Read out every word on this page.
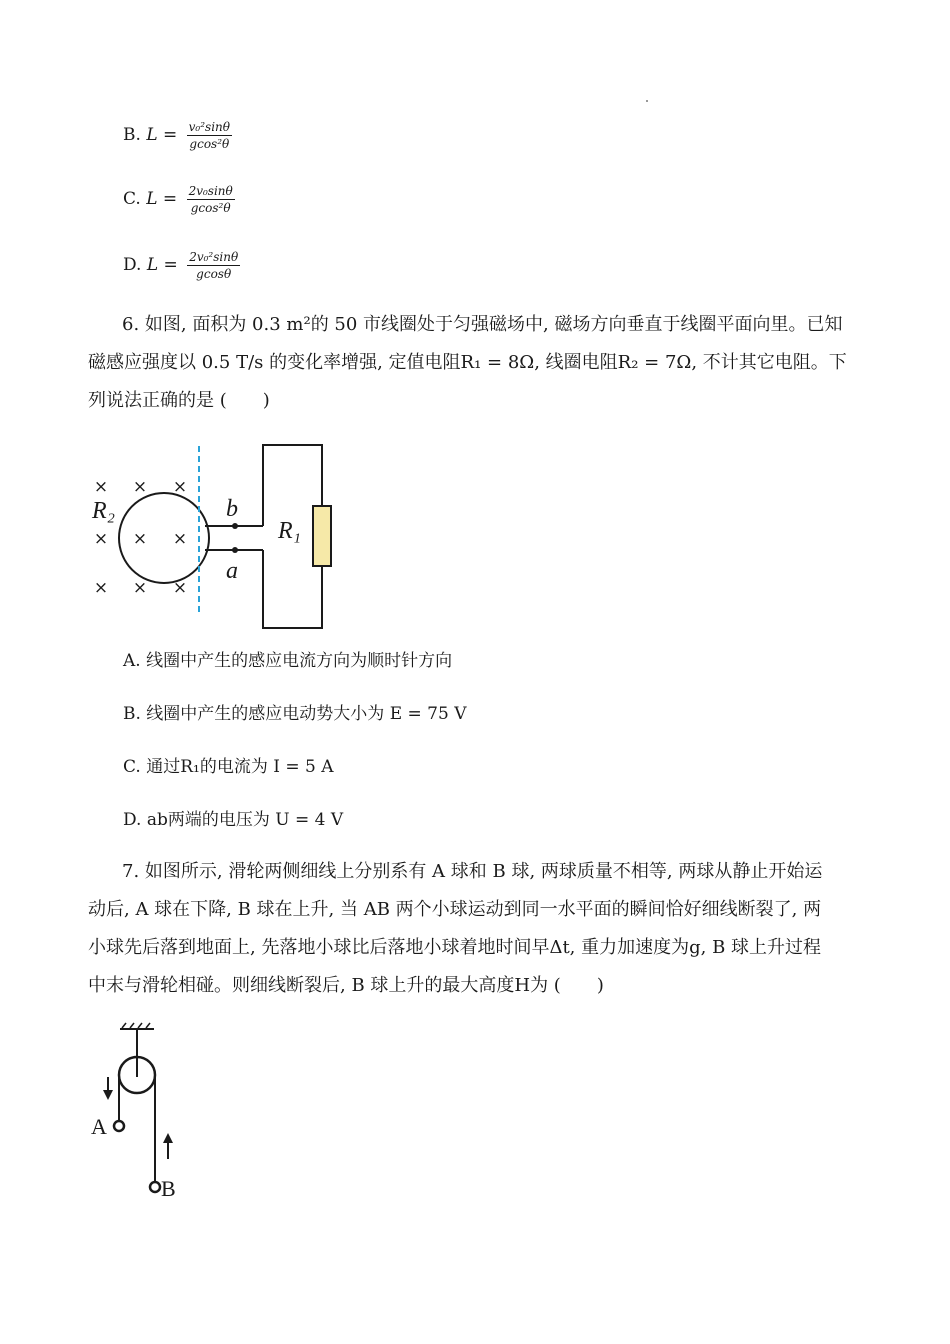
B. $L = \frac{\text{v₀²sinθ}}{\text{gcos²θ}}$
C. $L = \frac{\text{2v₀sinθ}}{\text{gcos²θ}}$
D. $L = \frac{\text{2v₀²sinθ}}{gcos\theta}$

6. 如图, 面积为 0.3 m²的 50 市线圈处于匀强磁场中, 磁场方向垂直于线圈平面向里。已知

磁感应强度以 0.5 T/s 的变化率增强, 定值电阻R₁ = 8Ω, 线圈电阻R₂ = 7Ω, 不计其它电阻。下

列说法正确的是 (　　)

× × ×
× × ×
× × ×
R₂
R₁
b
a
A. 线圈中产生的感应电流方向为顺时针方向
B. 线圈中产生的感应电动势大小为 E = 75 V
C. 通过R₁的电流为 I = 5 A
D. ab两端的电压为 U = 4 V

7. 如图所示, 滑轮两侧细线上分别系有 A 球和 B 球, 两球质量不相等, 两球从静止开始运

动后, A 球在下降, B 球在上升, 当 AB 两个小球运动到同一水平面的瞬间恰好细线断裂了, 两

小球先后落到地面上, 先落地小球比后落地小球着地时间早Δt, 重力加速度为g, B 球上升过程

中末与滑轮相碰。则细线断裂后, B 球上升的最大高度H为 (　　)

A
B
